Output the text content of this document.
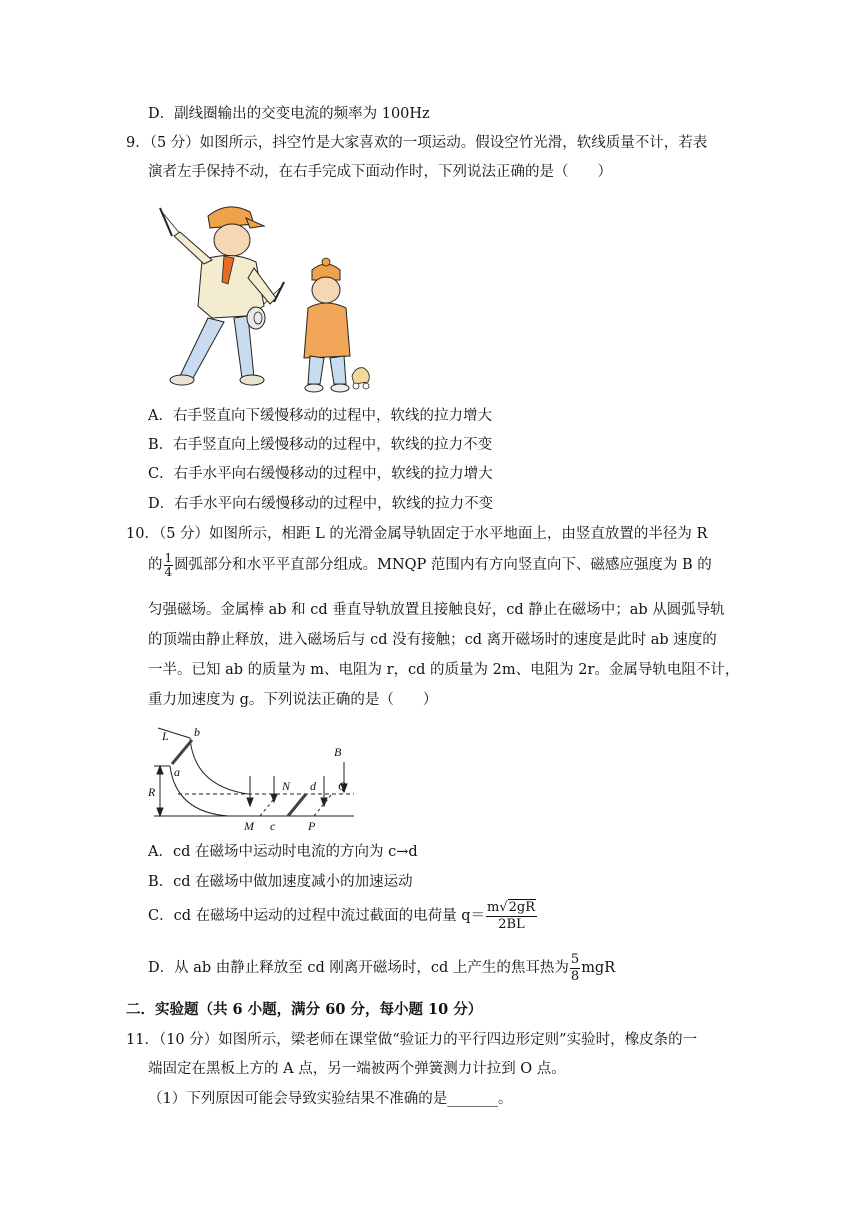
D．副线圈输出的交变电流的频率为 100Hz
9．（5 分）如图所示，抖空竹是大家喜欢的一项运动。假设空竹光滑，软线质量不计，若表
演者左手保持不动，在右手完成下面动作时，下列说法正确的是（　　）
A．右手竖直向下缓慢移动的过程中，软线的拉力增大
B．右手竖直向上缓慢移动的过程中，软线的拉力不变
C．右手水平向右缓慢移动的过程中，软线的拉力增大
D．右手水平向右缓慢移动的过程中，软线的拉力不变
10．（5 分）如图所示，相距 L 的光滑金属导轨固定于水平地面上，由竖直放置的半径为 R
的 $\frac{1}{4}$ 圆弧部分和水平平直部分组成。MNQP 范围内有方向竖直向下、磁感应强度为 B 的
匀强磁场。金属棒 ab 和 cd 垂直导轨放置且接触良好，cd 静止在磁场中；ab 从圆弧导轨
的顶端由静止释放，进入磁场后与 cd 没有接触；cd 离开磁场时的速度是此时 ab 速度的
一半。已知 ab 的质量为 m、电阻为 r，cd 的质量为 2m、电阻为 2r。金属导轨电阻不计，
重力加速度为 g。下列说法正确的是（　　）
L b
a
R
B
N d Q
M c	P
A．cd 在磁场中运动时电流的方向为 c→d
B．cd 在磁场中做加速度减小的加速运动
C．cd 在磁场中运动的过程中流过截面的电荷量 $q= \frac{m√2gR}{2BL}$
D．从 ab 由静止释放至 cd 刚离开磁场时，cd 上产生的焦耳热为 $\frac{5}{8}$ mgR
二．实验题（共 6 小题，满分 60 分，每小题 10 分）
11．（10 分）如图所示，梁老师在课堂做“验证力的平行四边形定则”实验时，橡皮条的一
端固定在黑板上方的 A 点，另一端被两个弹簧测力计拉到 O 点。
（1）下列原因可能会导致实验结果不准确的是_______。
